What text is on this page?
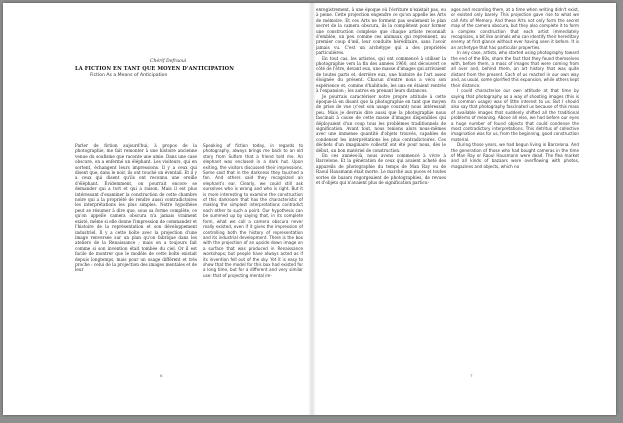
Chérif Defraoui
LA FICTION EN TANT QUE MOYEN D'ANTICIPATION
Fiction As a Means of Anticipation

Parler de fiction aujourd'hui, à propos de la photographie, me fait remonter à une histoire ancienne venue du soufisme que raconte une amie. Dans une case obscure, on a enfermé un éléphant. Les visiteurs, qui en sortent, échangent leurs impressions. Il y a ceux qui disent que, dans le noir, ils ont touché un éventail. Et il y a ceux qui disent qu'ils ont reconnu une oreille d'éléphant. Évidemment, on pourrait encore se demander qui a tort et qui a raison. Mais il est plus intéressant d'examiner la construction de cette chambre noire qui a la propriété de rendre aussi contradictoires les interprétations les plus simples. Notre hypothèse peut se résumer à dire que, sous sa forme complète, ce qu'on appelle camera obscura n'a jamais vraiment existé, même si elle donne l'impression de commander et l'histoire de la représentation et son développement industriel. Il y a cette boîte avec la projection d'une image renversée sur un plan qu'on fabrique dans les ateliers de la Renaissance ; mais on a toujours fait comme si son invention était tombée du ciel. Or il est facile de montrer que le modèle de cette boîte existait depuis longtemps, mais pour un usage différent et très proche : celui de la projection des images mentales et de leur

Speaking of fiction today, in regards to photography, always brings me back to an old story from Sufism that a friend told me. An elephant was enclosed in a dark hut. Upon exiting, the visitors discussed their impressions. Some said that in the darkness they touched a fan. And others said they recognized an elephant's ear. Clearly, we could still ask ourselves who is wrong and who is right. But it is more interesting to examine the construction of this darkroom that has the characteristic of making the simplest interpretations contradict each other to such a point. Our hypothesis can be summed up by saying that, in its complete form, what we call a camera obscura never really existed, even if it gives the impression of controlling both the history of representation and its industrial development. There is the box with the projection of an upside down image on a surface that was produced in Renaissance workshops; but people have always acted as if its invention fell out of the sky. Yet it is easy to show that the model for this box had existed for a long time, but for a different and very similar use: that of projecting mental im-

6

enregistrement, à une époque où l'écriture n'existait pas, ou à peine. Cette projection engendre ce qu'on appelle les Arts de mémoire. Et ces Arts ne forment pas seulement le plan secret de la camera obscura, ils la complètent pour former une construction complexe que chaque artiste reconnaît d'emblée, un peu comme ces animaux qui reprennent, au premier coup d'œil, leur conduite héréditaire, sans l'avoir jamais vu. C'est un archétype qui a des propriétés particulières.

En tout cas, les artistes, qui ont commencé à utiliser la photographie vers la fin des années 1960, ont découvert ce côté de l'être, devant eux, une masse d'images qui arrivaient de toutes parts et, derrière eux, une histoire de l'art assez éloignée du présent. Chacun d'entre nous a vécu son expérience et, comme d'habitude, les uns en étaient rentrés à l'expansion ; les autres en prenant leurs distances.

Je pourrais caractériser notre propre attitude à cette époque-là en disant que la photographie en tant que moyen de prise de vue (c'est son usage courant) nous intéressait peu. Mais je devrais dire aussi que la photographie nous fascinait à cause de cette masse d'images disponibles qui déployaient d'un coup tous les problèmes traditionnels de signification. Avant tout, nous tenions alors nous-mêmes avec une immense quantité d'objets trouvés, capables de condenser les interprétations les plus contradictoires. Ces déchets d'un imaginaire collectif ont été pour nous, dès le début, un bon matériel de construction.

En ces années-là, nous avons commencé à vivre à Barcelone. Et la génération de ceux qui avaient acheté des appareils de photographie du temps de Man Ray ou de Raoul Hausmann était morte. Le marché aux puces et toutes sortes de bazars regorgeaient de photographies, de revues et d'objets qui n'avaient plus de signification particu-

ages and recording them, at a time when writing didn't exist, or existed only barely. This projection gave rise to what we call Arts of Memory. And these Arts not only form the secret map of the camera obscura, but they also complete it to form a complex construction that each artist immediately recognizes, a bit like animals who can identify their hereditary enemy at first glance without ever having seen it before. It is an archetype that has particular properties.

In any case, artists, who started using photography toward the end of the 60s, share the fact that they found themselves with, before them, a mass of images that were coming from all over and, behind them, an art history that was quite distant from the present. Each of us reacted in our own way and, as usual, some glorified this expansion, while others kept their distance.

I could characterise our own attitude at that time by saying that photography as a way of shooting images (this is its common usage) was of little interest to us. But I should also say that photography fascinated us because of this mass of available images that suddenly shifted all the traditional problems of meaning. Above all else, we had before our eyes a huge number of found objects that could condense the most contradictory interpretations. This detritus of collective imagination was for us, from the beginning, good construction material.

During those years, we had begun living in Barcelona. And the generation of those who had bought cameras in the time of Man Ray or Raoul Hausmann were dead. The flea market and all kinds of bazaars were overflowing with photos, magazines and objects, which no

7
